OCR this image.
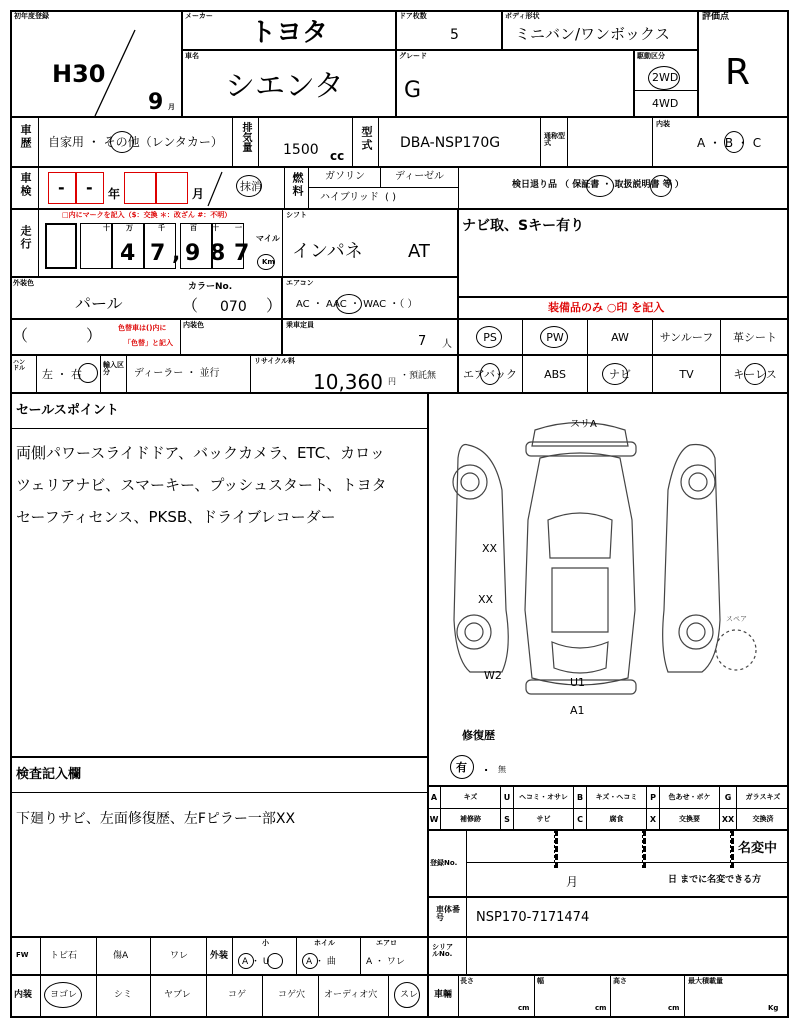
初年度登録
H30
9 月
メーカー
トヨタ
ドア枚数
5
ボディ形状
ミニバン/ワンボックス
評価点
R
車名
シエンタ
グレード
G
駆動区分
2WD
4WD
車歴 自家用 ・ その他（レンタカー） 排気量 1500 cc
型式 DBA-NSP170G	通称型式
内装
A ・ B ・ C
車検 - - 年	月
抹消	燃料 ガソリン	ディーゼル
ハイブリッド ( )
検日退り品 （ 保証書 ・ 取扱説明書 等 ）
走行
□内にマークを記入（$：交換 ＊：改ざん #：不明）
十 万	千	百 十 一
4 7 , 9 8 7
マイル
Km
シフト
インパネ	AT
ナビ取、Sキー有り
外装色
パール
カラーNo.
（ 070 ）
エアコン
AC ・ AAC ・ WAC ・（ ）	装備品のみ ○印 を記入
（	） 色替車は()内に
「色替」と記入
内装色	乗車定員
7 人
PS	PW	AW	サンルーフ	革シート
ハンドル 左 ・ 右
輸入区分	ディーラー ・ 並行
リサイクル料
10,360 円
・預託無	エアバック	ABS	ナビ	TV	キーレス
セールスポイント
両側パワースライドドア、バックカメラ、ETC、カロッ
ツェリアナビ、スマーキー、プッシュスタート、トヨタ
セーフティセンス、PKSB、ドライブレコーダー
スリA
XX
XX
W2
U1
A1
スペア
修復歴
有 . 無
検査記入欄
下廻りサビ、左面修復歴、左Fピラー一部XX
A	キズ	U	ヘコミ・オサレ	B	キズ・ヘコミ	P	色あせ・ボケ	G	ガラスキズ
W	補修跡	S	サビ	C	腐食	X	交換要	XX	交換済
登録No.
名変中
月	日 までに名変できる方
車体番号	NSP170-7171474
FW トビ石	傷A	ワレ 外装
小
A ・ U
ホイル
A ・ 曲
エアロ
A ・ ワレ
シリアルNo.
内装 ヨゴレ	シミ	ヤブレ	コゲ	コゲ穴 オーディオ穴	スレ 車輛
長さ
cm
幅
cm
高さ
cm
最大積載量
Kg
